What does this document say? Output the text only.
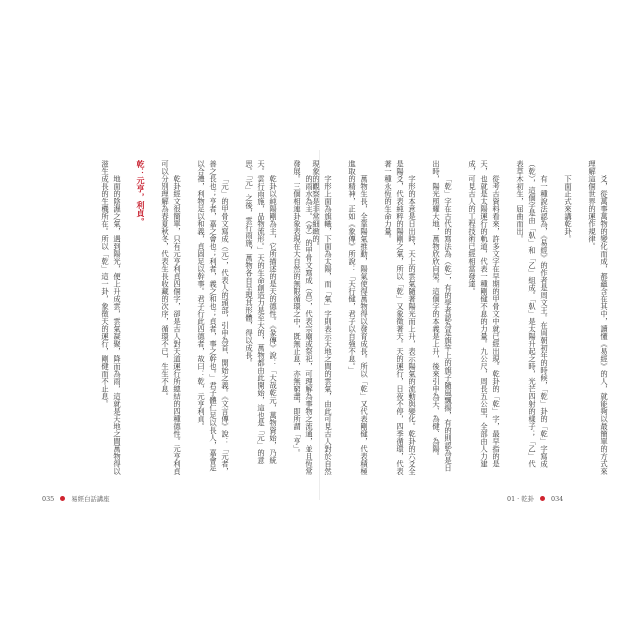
的雨水為主。（亨）的甲骨文寫成（亯），代表宗廟或祭祀，可理解為事物之流通，並且恆常發展。三個相連卦象表現在大自然的無限循環之中，既無止息，亦無窮盡，即所謂「亨」。

乾卦以純陽剛為主，它所描述的是天的德性。《彖傳》說：「大哉乾元，萬物資始，乃統天。雲行雨施，品物流形。」天的生命創造力是至大的，萬物都由此開始，這也是「元」的意思。「元」之後，雲行雨施，萬物各自呈現其形體，得以成長。

「元」的甲骨文寫成（元），代表人的頭部，引申為首、開始之義。《文言傳》說：「元者，善之長也；亨者，嘉之會也；利者，義之和也；貞者，事之幹也。」君子體仁足以長人，嘉會足以合禮，利物足以和義，貞固足以幹事。君子行此四德者，故曰：乾，元亨利貞。

乾卦經文很簡單，只有元亨利貞四個字，卻是古人對天道運行所總結的四種德性。元亨利貞可以分別理解為春夏秋冬，代表生長收藏的次序，循環不已，生生不息。

乾：元亨，利貞。

地面的陰濕之氣，遇到陽光，便上升成雲，雲氣凝聚，降而為雨，這就是天地之間萬物得以滋生成長的生機所在。所以「乾」這一卦，象徵天的運行，剛健而不止息。	爻，從萬事萬物的變化而成，都蘊含在其中，讀懂《易經》的人，就能夠以最簡單的方式來理解這個世界的運作規律。

下面正式來講乾卦。

有一種說法認為，《易經》的作者是周文王。在周朝初年的時候，「乾」卦的「乾」字寫成（乾），這個字是由「倝」和「乙」組成。「倝」是太陽升起之時，光芒四射的樣子；「乙」代表草木初生，屈曲而出。

從考古資料看來，許多文字在早期的甲骨文中就已經出現。乾卦的「乾」字，最早指的是天，也就是太陽運行的軌道，代表一種剛健不息的力量。九公尺，周長五公里，全部由人力建成，可見古人的工程技術已經相當發達。

「乾」字在古代的寫法為（乾），有的學者認為是旗竿上的旗子隨風飄揚，有的則認為是日出時，陽光照耀大地，萬物欣欣向榮。這個字的本義是上升，後來引申為天、為健、為陽。

字形的本意是日出時，天上的雲氣隨著陽光而上升，表示陽氣的流動與變化。乾卦的六爻全是陽爻，代表純粹的陽剛之氣，所以「乾」又象徵著天。天的運行，日夜不停，四季循環，代表著一種永恆的生命力量。

萬物生長，全靠陽氣推動，陽氣使得萬物得以發育成長。所以「乾」又代表剛健，代表積極進取的精神，正如《象傳》所說：「天行健，君子以自強不息。」

字形上面為旗幟，下面為太陽，而「氣」字則表示天地之間的雲氣，由此可見古人對於自然現象的觀察是非常細緻的。

035	易經白話講座	01 · 乾卦	034
